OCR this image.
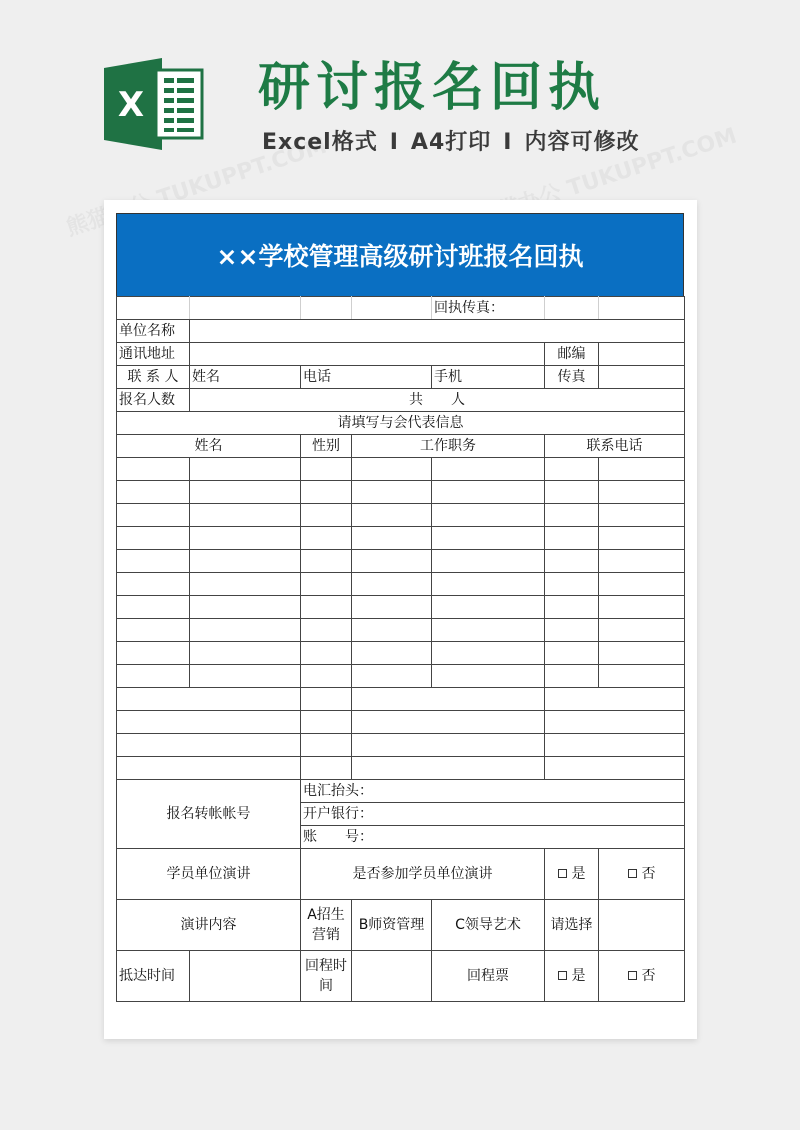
X 研讨报名回执
Excel格式 I A4打印 I 内容可修改
××学校管理高级研讨班报名回执
				回执传真：		
单位名称						
通讯地址					邮编	
联 系 人	姓名	电话		手机	传真	
报名人数	共　　人					
请填写与会代表信息						
姓名		性别	工作职务		联系电话	

报名转帐帐号		电汇抬头：				
		开户银行：				
		账　　号：				
学员单位演讲		是否参加学员单位演讲			是	否
演讲内容		A招生营销	B师资管理	C领导艺术	请选择	
抵达时间		回程时间		回程票	是	否
